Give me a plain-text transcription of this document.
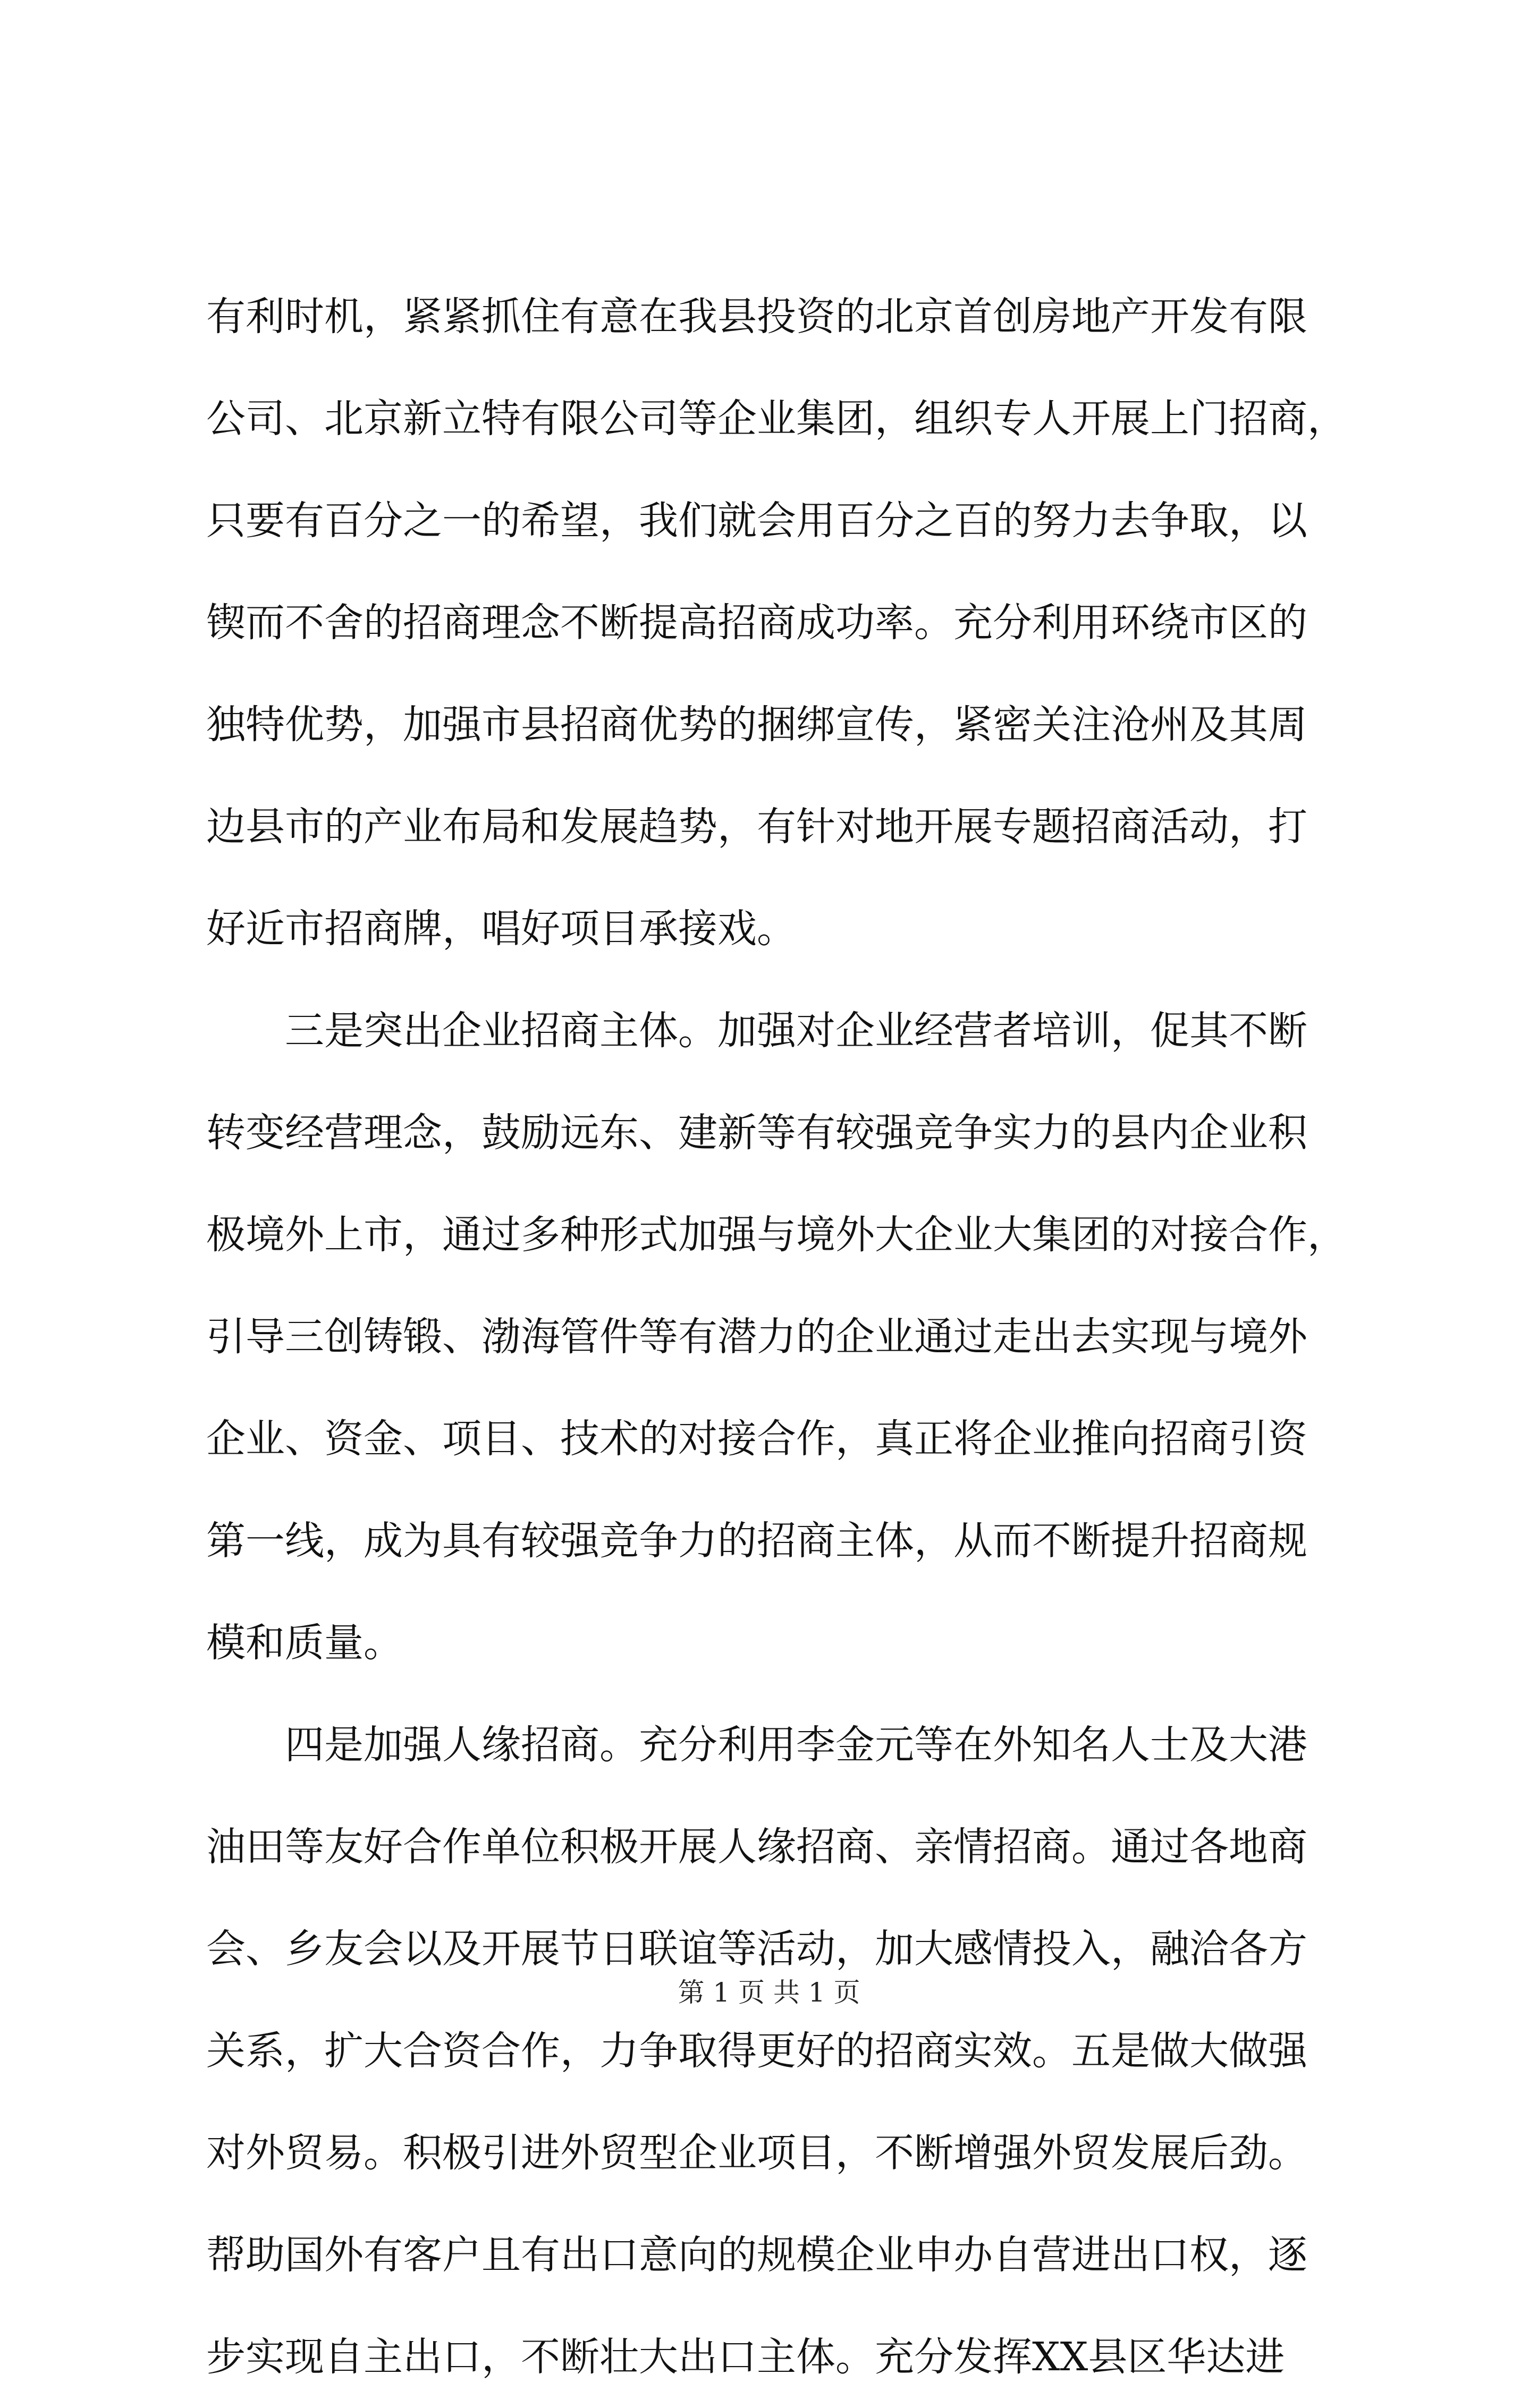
有利时机，紧紧抓住有意在我县投资的北京首创房地产开发有限
公司、北京新立特有限公司等企业集团，组织专人开展上门招商，
只要有百分之一的希望，我们就会用百分之百的努力去争取，以
锲而不舍的招商理念不断提高招商成功率。充分利用环绕市区的
独特优势，加强市县招商优势的捆绑宣传，紧密关注沧州及其周
边县市的产业布局和发展趋势，有针对地开展专题招商活动，打
好近市招商牌，唱好项目承接戏。
三是突出企业招商主体。加强对企业经营者培训，促其不断
转变经营理念，鼓励远东、建新等有较强竞争实力的县内企业积
极境外上市，通过多种形式加强与境外大企业大集团的对接合作，
引导三创铸锻、渤海管件等有潜力的企业通过走出去实现与境外
企业、资金、项目、技术的对接合作，真正将企业推向招商引资
第一线，成为具有较强竞争力的招商主体，从而不断提升招商规
模和质量。
四是加强人缘招商。充分利用李金元等在外知名人士及大港
油田等友好合作单位积极开展人缘招商、亲情招商。通过各地商
会、乡友会以及开展节日联谊等活动，加大感情投入，融洽各方
关系，扩大合资合作，力争取得更好的招商实效。五是做大做强
对外贸易。积极引进外贸型企业项目，不断增强外贸发展后劲。
帮助国外有客户且有出口意向的规模企业申办自营进出口权，逐
步实现自主出口，不断壮大出口主体。充分发挥XX县区华达进
第 1 页 共 1 页
